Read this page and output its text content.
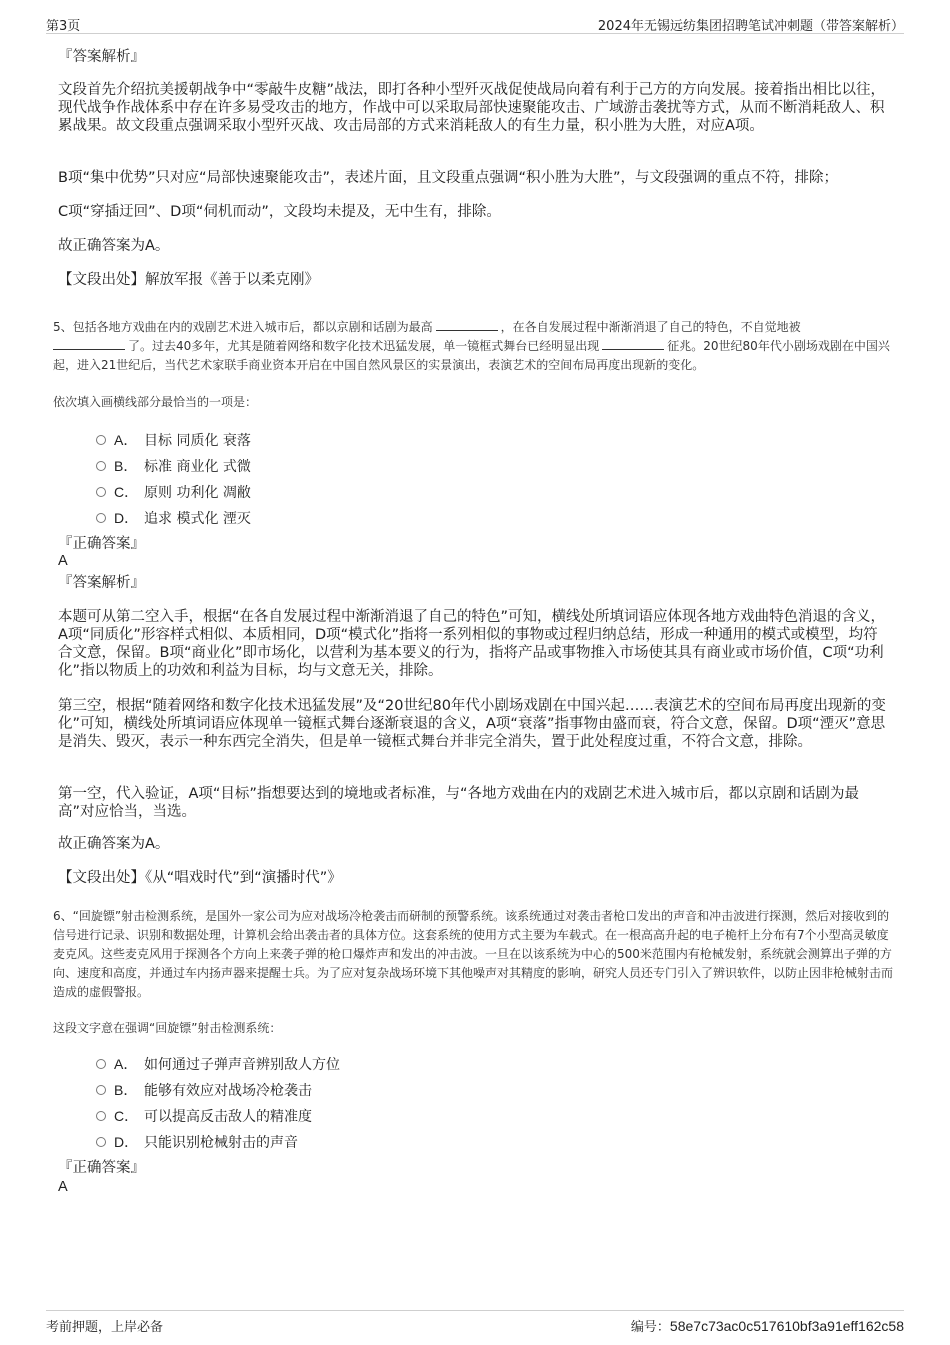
第3页	2024年无锡远纺集团招聘笔试冲刺题（带答案解析）
『答案解析』
文段首先介绍抗美援朝战争中“零敲牛皮糖”战法，即打各种小型歼灭战促使战局向着有利于己方的方向发展。接着指出相比以往，现代战争作战体系中存在许多易受攻击的地方，作战中可以采取局部快速聚能攻击、广域游击袭扰等方式，从而不断消耗敌人、积累战果。故文段重点强调采取小型歼灭战、攻击局部的方式来消耗敌人的有生力量，积小胜为大胜，对应A项。
B项“集中优势”只对应“局部快速聚能攻击”，表述片面，且文段重点强调“积小胜为大胜”，与文段强调的重点不符，排除；
C项“穿插迂回”、D项“伺机而动”，文段均未提及，无中生有，排除。
故正确答案为A。
【文段出处】解放军报《善于以柔克刚》
5、包括各地方戏曲在内的戏剧艺术进入城市后，都以京剧和话剧为最高	，在各自发展过程中渐渐消退了自己的特色，不自觉地被
了。过去40多年，尤其是随着网络和数字化技术迅猛发展，单一镜框式舞台已经明显出现	征兆。20世纪80年代小剧场戏剧在中国兴起，进入21世纪后，当代艺术家联手商业资本开启在中国自然风景区的实景演出，表演艺术的空间布局再度出现新的变化。
依次填入画横线部分最恰当的一项是：
A． 目标 同质化 衰落
B． 标准 商业化 式微
C． 原则 功利化 凋敝
D． 追求 模式化 湮灭
『正确答案』
A
『答案解析』
本题可从第二空入手，根据“在各自发展过程中渐渐消退了自己的特色”可知，横线处所填词语应体现各地方戏曲特色消退的含义，A项“同质化”形容样式相似、本质相同，D项“模式化”指将一系列相似的事物或过程归纳总结，形成一种通用的模式或模型，均符合文意，保留。B项“商业化”即市场化，以营利为基本要义的行为，指将产品或事物推入市场使其具有商业或市场价值，C项“功利化”指以物质上的功效和利益为目标，均与文意无关，排除。
第三空，根据“随着网络和数字化技术迅猛发展”及“20世纪80年代小剧场戏剧在中国兴起……表演艺术的空间布局再度出现新的变化”可知，横线处所填词语应体现单一镜框式舞台逐渐衰退的含义，A项“衰落”指事物由盛而衰，符合文意，保留。D项“湮灭”意思是消失、毁灭，表示一种东西完全消失，但是单一镜框式舞台并非完全消失，置于此处程度过重，不符合文意，排除。
第一空，代入验证，A项“目标”指想要达到的境地或者标准，与“各地方戏曲在内的戏剧艺术进入城市后，都以京剧和话剧为最高”对应恰当，当选。
故正确答案为A。
【文段出处】《从“唱戏时代”到“演播时代”》
6、“回旋镖”射击检测系统，是国外一家公司为应对战场冷枪袭击而研制的预警系统。该系统通过对袭击者枪口发出的声音和冲击波进行探测，然后对接收到的信号进行记录、识别和数据处理，计算机会给出袭击者的具体方位。这套系统的使用方式主要为车载式。在一根高高升起的电子桅杆上分布有7个小型高灵敏度麦克风。这些麦克风用于探测各个方向上来袭子弹的枪口爆炸声和发出的冲击波。一旦在以该系统为中心的500米范围内有枪械发射，系统就会测算出子弹的方向、速度和高度，并通过车内扬声器来提醒士兵。为了应对复杂战场环境下其他噪声对其精度的影响，研究人员还专门引入了辨识软件，以防止因非枪械射击而造成的虚假警报。
这段文字意在强调“回旋镖”射击检测系统：
A． 如何通过子弹声音辨别敌人方位
B． 能够有效应对战场冷枪袭击
C． 可以提高反击敌人的精准度
D． 只能识别枪械射击的声音
『正确答案』
A
考前押题，上岸必备	编号：58e7c73ac0c517610bf3a91eff162c58
